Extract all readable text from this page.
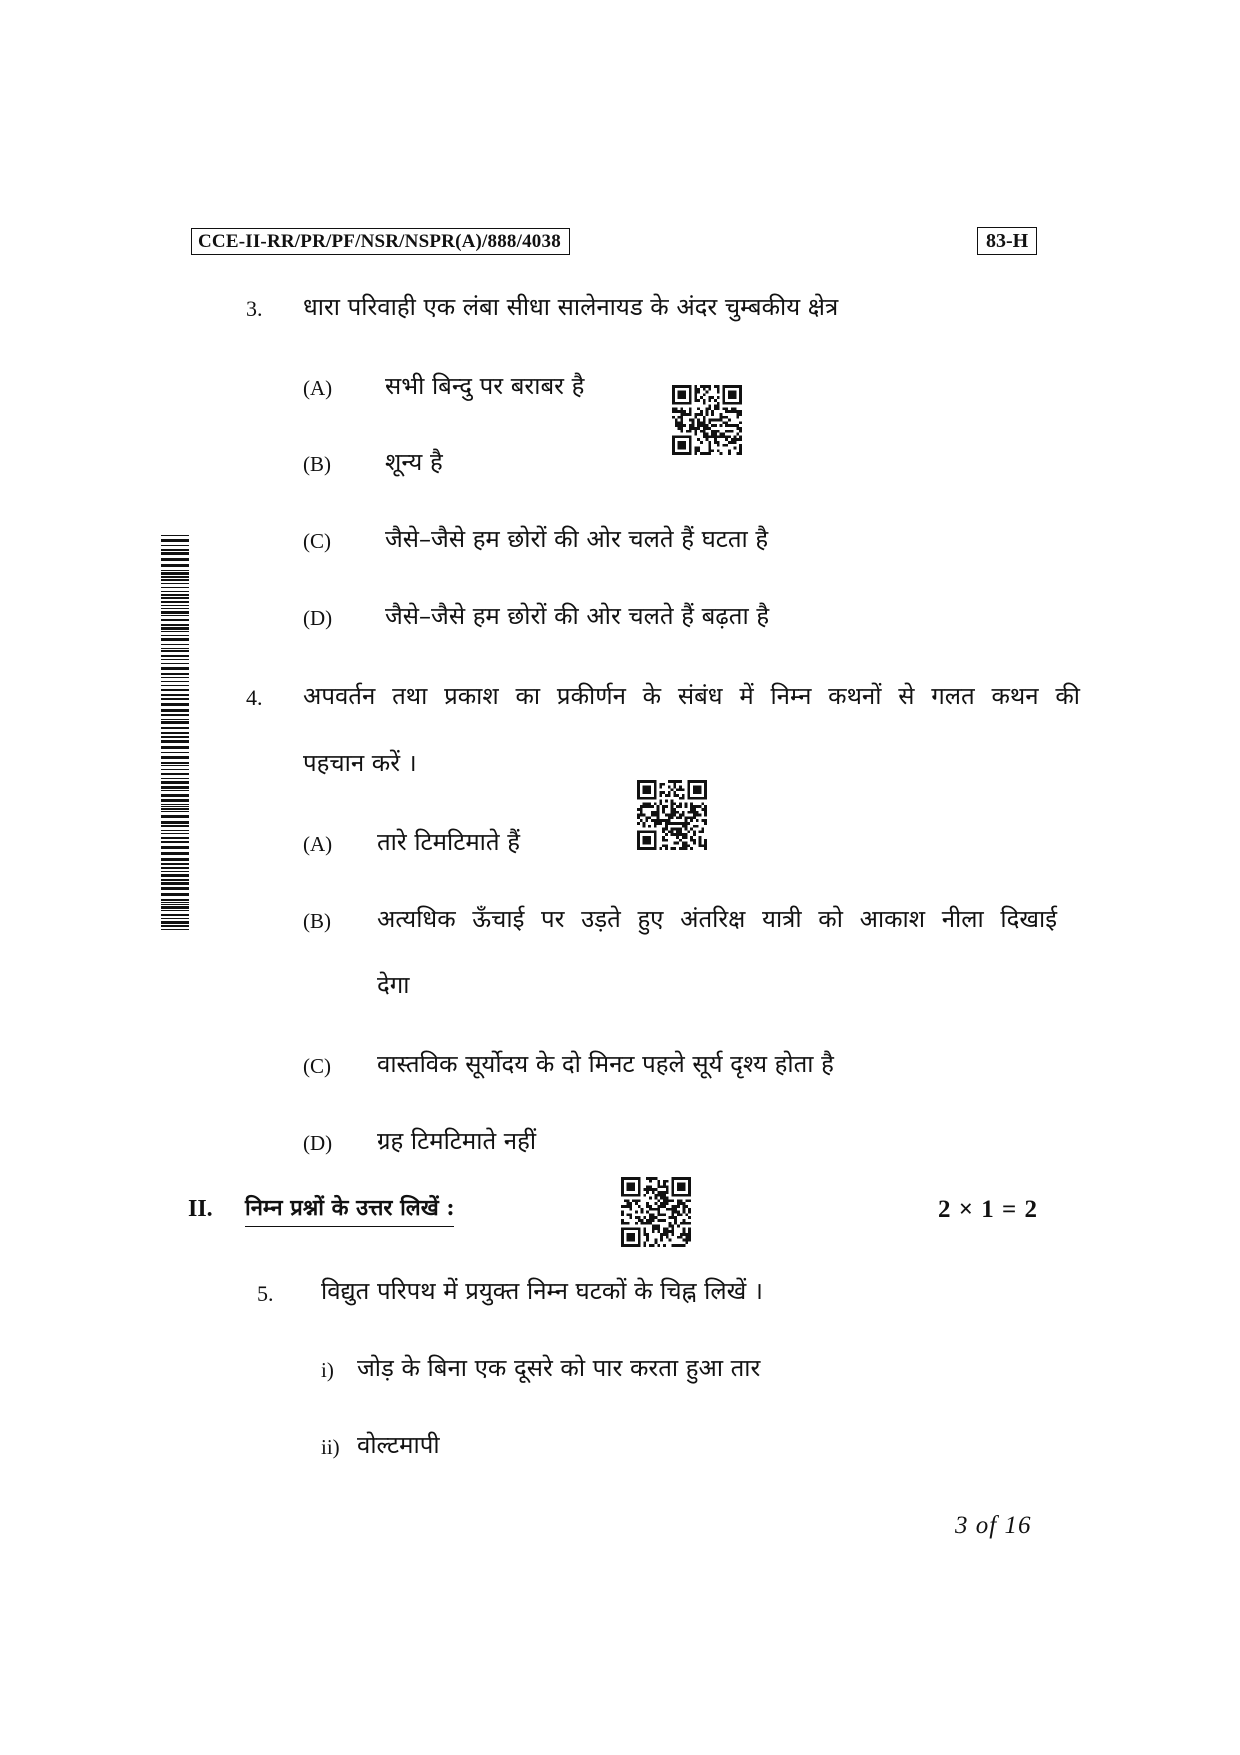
CCE-II-RR/PR/PF/NSR/NSPR(A)/888/4038	83-H
3. धारा परिवाही एक लंबा सीधा सालेनायड के अंदर चुम्बकीय क्षेत्र
(A) सभी बिन्दु पर बराबर है
(B) शून्य है
(C) जैसे–जैसे हम छोरों की ओर चलते हैं घटता है
(D) जैसे–जैसे हम छोरों की ओर चलते हैं बढ़ता है
4. अपवर्तन तथा प्रकाश का प्रकीर्णन के संबंध में निम्न कथनों से गलत कथन की
पहचान करें ।
(A) तारे टिमटिमाते हैं
(B) अत्यधिक ऊँचाई पर उड़ते हुए अंतरिक्ष यात्री को आकाश नीला दिखाई
देगा
(C) वास्तविक सूर्योदय के दो मिनट पहले सूर्य दृश्य होता है
(D) ग्रह टिमटिमाते नहीं
II. निम्न प्रश्नों के उत्तर लिखें :	2 × 1 = 2
5. विद्युत परिपथ में प्रयुक्त निम्न घटकों के चिह्न लिखें ।
i) जोड़ के बिना एक दूसरे को पार करता हुआ तार
ii) वोल्टमापी
3 of 16
